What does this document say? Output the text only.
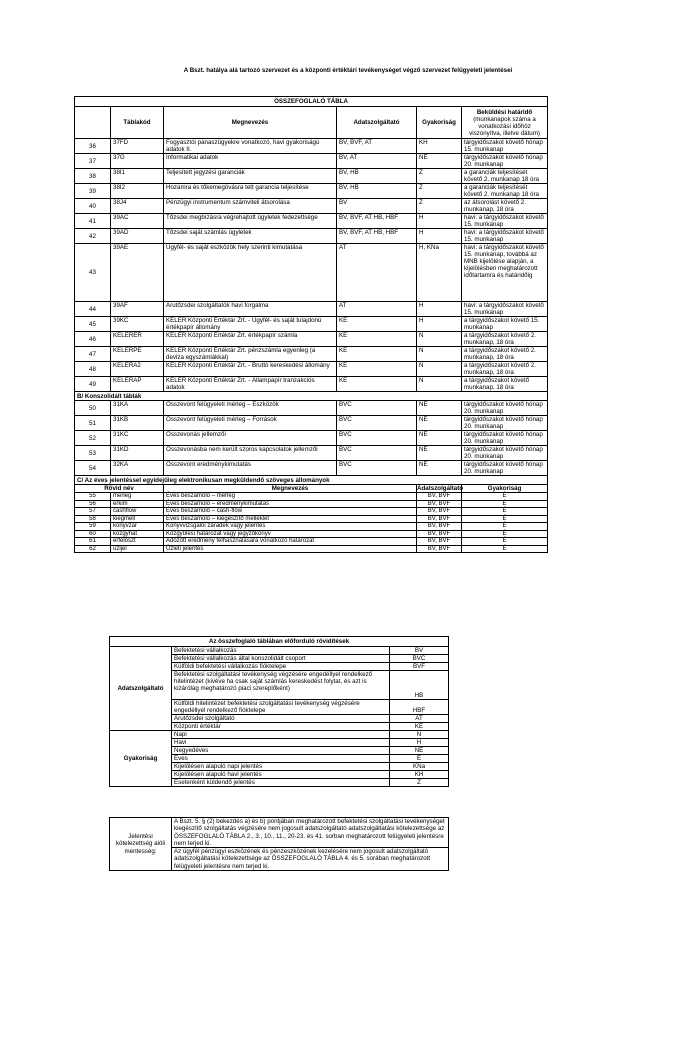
A Bszt. hatálya alá tartozó szervezet és a központi értéktári tevékenységet végző szervezet felügyeleti jelentései
ÖSSZEFOGLALÓ TÁBLA						
	Táblakód	Megnevezés	Adatszolgáltató	Gyakoriság	Beküldési határidő
(munkanapok száma a vonatkozási időhöz viszonyítva, illetve dátum)	

36	37FD	Fogyasztói panaszügyekre vonatkozó, havi gyakoriságú adatok II.	BV, BVF, AT	KH	tárgyidőszakot követő hónap 15. munkanap	
37	37G	Informatikai adatok	BV, AT	NÉ	tárgyidőszakot követő hónap 20. munkanap	
38	38I1	Teljesített jegyzési garanciák	BV, HB	Z	a garanciák teljesítését követő 2. munkanap 18 óra	
39	38I2	Hozamra és tőkemegóvásra tett garancia teljesítése	BV, HB	Z	a garanciák teljesítését követő 2. munkanap 18 óra	
40	38J4	Pénzügyi instrumentum számviteli átsorolása	BV	Z	az átsorolást követő 2. munkanap, 18 óra	
41	39AC	Tőzsdei megbízásra végrehajtott ügyletek fedezettsége	BV, BVF, AT HB, HBF	H	havi: a tárgyidőszakot követő 15. munkanap	
42	39AD	Tőzsdei saját számlás ügyletek	BV, BVF, AT HB, HBF	H	havi: a tárgyidőszakot követő 15. munkanap	
43	39AE	Ügyfél- és saját eszközök hely szerinti kimutatása	AT	H, KNa	havi: a tárgyidőszakot követő 15. munkanap, továbbá az MNB kijelölése alapján, a kijelölésben meghatározott időtartamra és határidőig	
44	39AF	Árutőzsdei szolgáltatók havi forgalma	AT	H	havi: a tárgyidőszakot követő 15. munkanap	
45	39KC	KELER Központi Értéktár Zrt. - Ügyfél- és saját tulajdonú értékpapír állomány	KE	H	a tárgyidőszakot követő 15. munkanap	
46	KELERER	KELER Központi Értéktár Zrt. értékpapír számla	KE	N	a tárgyidőszakot követő 2. munkanap, 18 óra	
47	KELERPE	KELER Központi Értéktár Zrt. pénzszámla egyenleg (a deviza egyszámlákkal)	KE	N	a tárgyidőszakot követő 2. munkanap, 18 óra	
48	KELERA2	KELER Központi Értéktár Zrt. - Bruttó kereskedési állomány	KE	N	a tárgyidőszakot követő 2. munkanap, 18 óra	
49	KELERAP	KELER Központi Értéktár Zrt. - Állampapír tranzakciós adatok	KE	N	a tárgyidőszakot követő munkanap, 18 óra	
B/ Konszolidált táblák						
50	31KA	Összevont felügyeleti mérleg – Eszközök	BVC	NÉ	tárgyidőszakot követő hónap 20. munkanap	
51	31KB	Összevont felügyeleti mérleg – Források	BVC	NÉ	tárgyidőszakot követő hónap 20. munkanap	
52	31KC	Összevonás jellemzői	BVC	NÉ	tárgyidőszakot követő hónap 20. munkanap	
53	31KD	Összevonásba nem került szoros kapcsolatok jellemzői	BVC	NÉ	tárgyidőszakot követő hónap 20. munkanap	
54	32KA	Összevont eredménykimutatás	BVC	NÉ	tárgyidőszakot követő hónap 20. munkanap	
C/ Az éves jelentéssel egyidejűleg elektronikusan megküldendő szöveges állományok						
Rövid név		Megnevezés		Adatszolgáltató	Gyakoriság	
55	merleg	Éves beszámoló – mérleg		BV, BVF	É	
56	erkim	Éves beszámoló – eredménykimutatás		BV, BVF	É	
57	cashflow	Éves beszámoló – cash-flow		BV, BVF	É	
58	kiegmell	Éves beszámoló – kiegészítő melléklet		BV, BVF	É	
59	konyvzar	Könyvvizsgálói záradék vagy jelentés		BV, BVF	É	
60	kozgyhat	Közgyűlési határozat vagy jegyzőkönyv		BV, BVF	É	
61	erfeloszt	Adózott eredmény felhasználására vonatkozó határozat		BV, BVF	É	
62	uzljel	Üzleti jelentés		BV, BVF	É	
Az összefoglaló táblában előforduló rövidítések		
Adatszolgáltató	Befektetési vállalkozás	BV
	Befektetési vállalkozás által konszolidált csoport	BVC
	Külföldi befektetési vállalkozás fióktelepe	BVF
	Befektetési szolgáltatási tevékenység végzésére engedéllyel rendelkező hitelintézet (kivéve ha csak saját számlás kereskedést folytat, és azt is kizárólag meghatározó piaci szereplőként)	HB
	Külföldi hitelintézet befektetési szolgáltatási tevékenység végzésére engedéllyel rendelkező fióktelepe	HBF
	Árutőzsdei szolgáltató	AT
	Központi értéktár	KE
Gyakoriság	Napi	N
	Havi	H
	Negyedéves	NÉ
	Éves	É
	Kijelölésen alapuló napi jelentés	KNa
	Kijelölésen alapuló havi jelentés	KH
	Esetenként küldendő jelentés	Z
Jelentési kötelezettség alóli mentesség:	A Bszt. 5. § (2) bekezdés a) és b) pontjában meghatározott befektetési szolgáltatási tevékenységet kiegészítő szolgáltatás végzésére nem jogosult adatszolgáltató adatszolgáltatási kötelezettsége az ÖSSZEFOGLALÓ TÁBLA 2., 3., 10., 11., 20-23. és 41. sorban meghatározott felügyeleti jelentésre nem terjed ki.
Az ügyfél pénzügyi eszközének és pénzeszközének kezelésére nem jogosult adatszolgáltató adatszolgáltatási kötelezettsége az ÖSSZEFOGLALÓ TÁBLA 4. és 5. sorában meghatározott felügyeleti jelentésre nem terjed ki.
